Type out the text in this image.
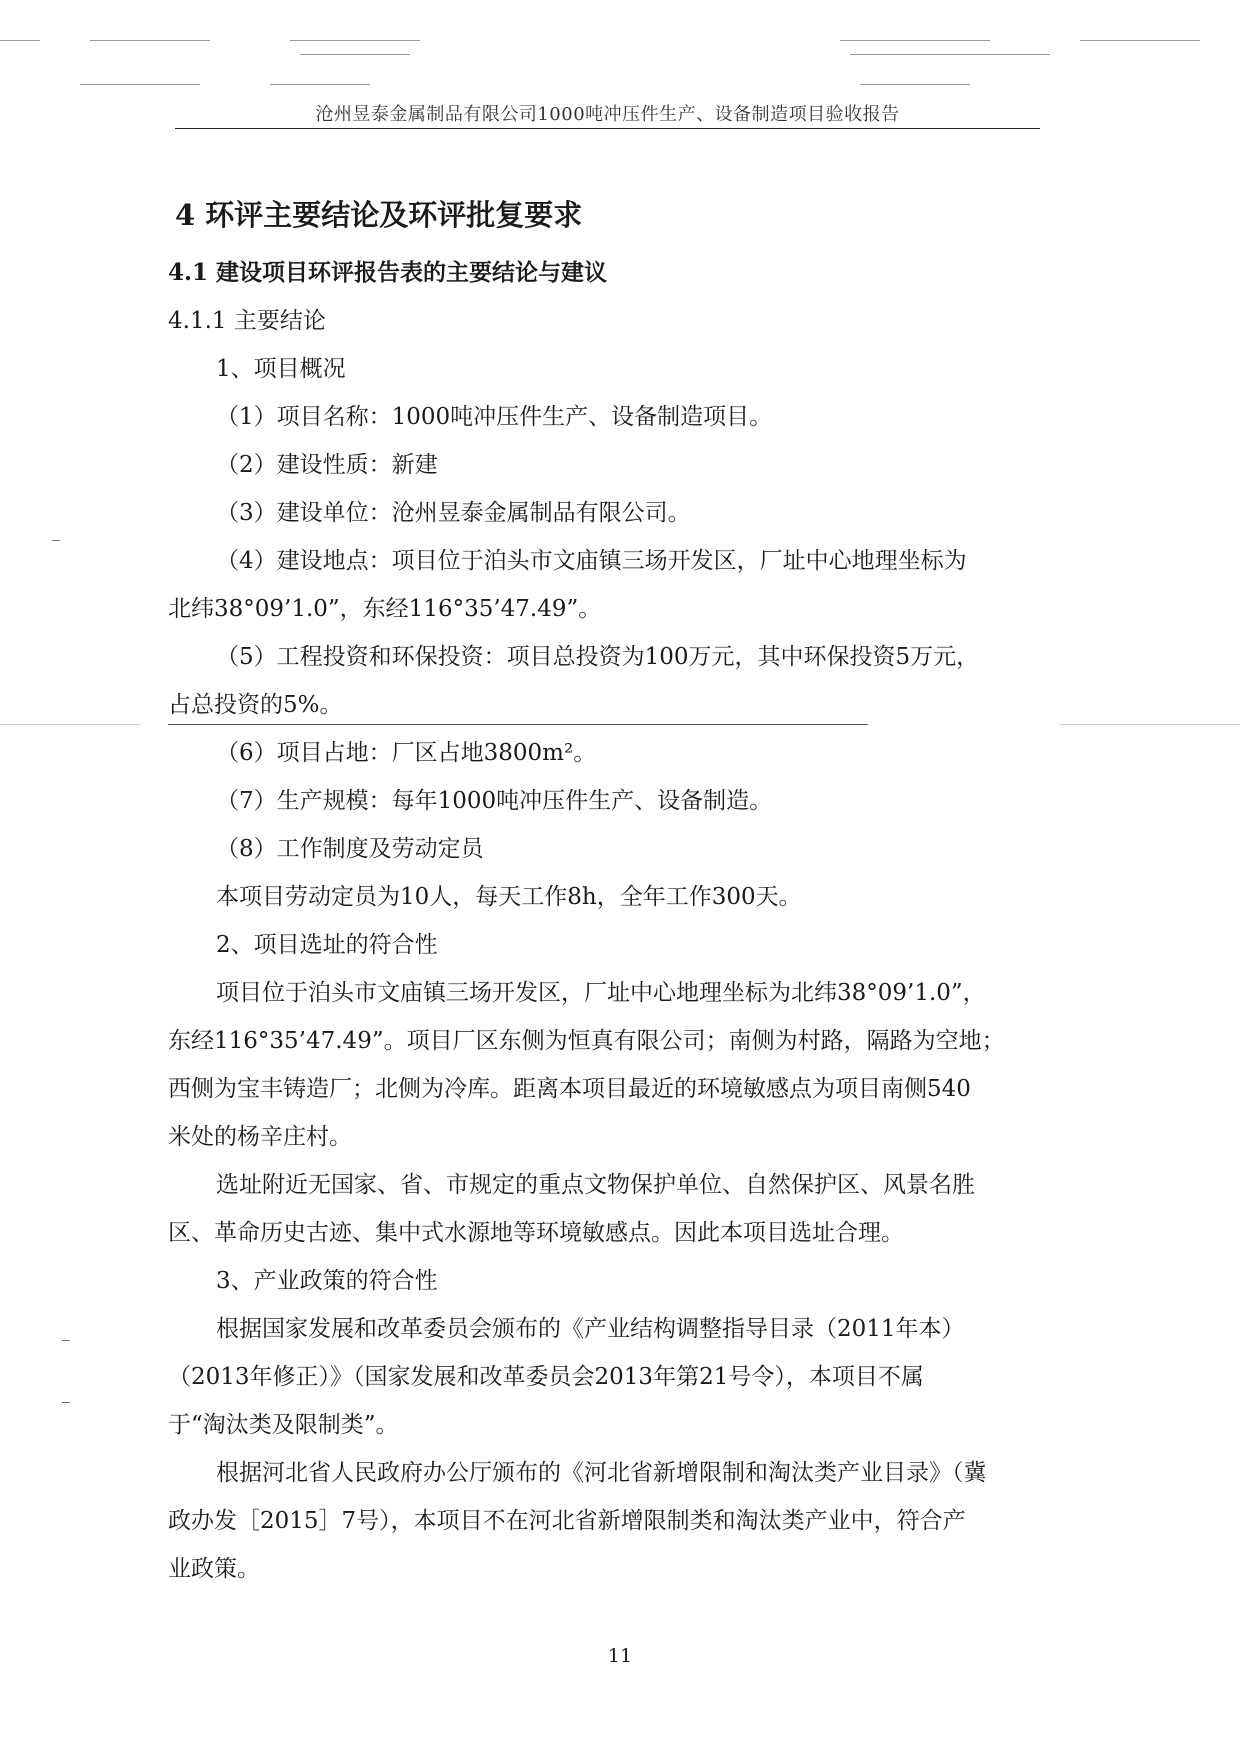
沧州昱泰金属制品有限公司1000吨冲压件生产、设备制造项目验收报告
4 环评主要结论及环评批复要求
4.1 建设项目环评报告表的主要结论与建议
4.1.1 主要结论
1、项目概况
（1）项目名称：1000吨冲压件生产、设备制造项目。
（2）建设性质：新建
（3）建设单位：沧州昱泰金属制品有限公司。
（4）建设地点：项目位于泊头市文庙镇三场开发区，厂址中心地理坐标为
北纬38°09’1.0”，东经116°35’47.49”。
（5）工程投资和环保投资：项目总投资为100万元，其中环保投资5万元，
占总投资的5%。
（6）项目占地：厂区占地3800m²。
（7）生产规模：每年1000吨冲压件生产、设备制造。
（8）工作制度及劳动定员
本项目劳动定员为10人，每天工作8h，全年工作300天。
2、项目选址的符合性
项目位于泊头市文庙镇三场开发区，厂址中心地理坐标为北纬38°09’1.0”，
东经116°35’47.49”。项目厂区东侧为恒真有限公司；南侧为村路，隔路为空地；
西侧为宝丰铸造厂；北侧为冷库。距离本项目最近的环境敏感点为项目南侧540
米处的杨辛庄村。
选址附近无国家、省、市规定的重点文物保护单位、自然保护区、风景名胜
区、革命历史古迹、集中式水源地等环境敏感点。因此本项目选址合理。
3、产业政策的符合性
根据国家发展和改革委员会颁布的《产业结构调整指导目录（2011年本）
（2013年修正）》（国家发展和改革委员会2013年第21号令），本项目不属
于“淘汰类及限制类”。
根据河北省人民政府办公厅颁布的《河北省新增限制和淘汰类产业目录》（冀
政办发［2015］7号），本项目不在河北省新增限制类和淘汰类产业中，符合产
业政策。
11
